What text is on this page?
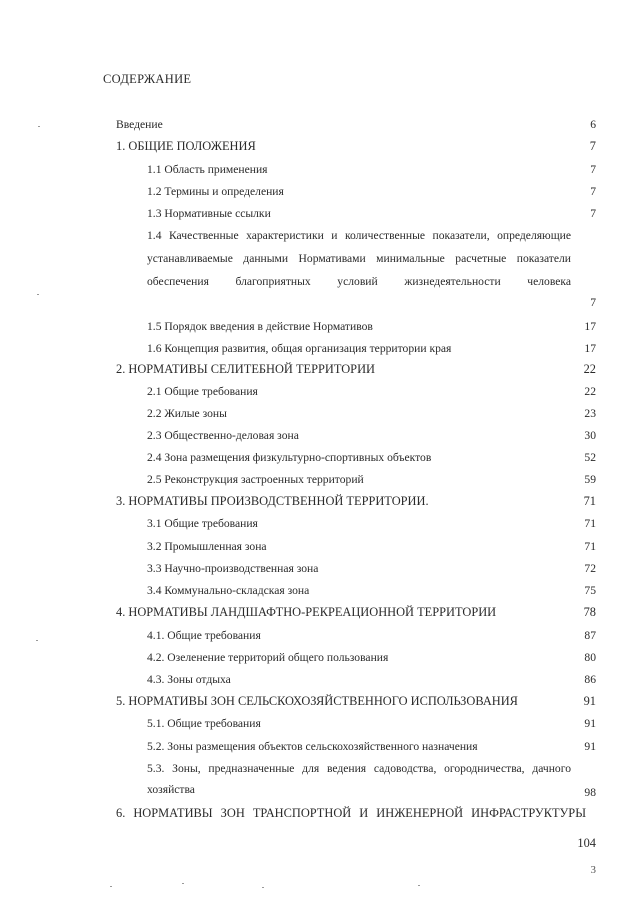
СОДЕРЖАНИЕ
Введение	6
1. ОБЩИЕ ПОЛОЖЕНИЯ	7
1.1 Область применения	7
1.2 Термины и определения	7
1.3 Нормативные ссылки	7
1.4 Качественные характеристики и количественные показатели, определяющие устанавливаемые данными Нормативами минимальные расчетные показатели обеспечения благоприятных условий жизнедеятельности человека
7
1.5 Порядок введения в действие Нормативов	17
1.6 Концепция развития, общая организация территории края	17
2. НОРМАТИВЫ СЕЛИТЕБНОЙ ТЕРРИТОРИИ	22
2.1 Общие требования	22
2.2 Жилые зоны	23
2.3 Общественно-деловая зона	30
2.4 Зона размещения физкультурно-спортивных объектов	52
2.5 Реконструкция застроенных территорий	59
3. НОРМАТИВЫ ПРОИЗВОДСТВЕННОЙ ТЕРРИТОРИИ.	71
3.1 Общие требования	71
3.2 Промышленная зона	71
3.3 Научно-производственная зона	72
3.4 Коммунально-складская зона	75
4. НОРМАТИВЫ ЛАНДШАФТНО-РЕКРЕАЦИОННОЙ ТЕРРИТОРИИ	78
4.1. Общие требования	87
4.2. Озеленение территорий общего пользования	80
4.3. Зоны отдыха	86
5. НОРМАТИВЫ ЗОН СЕЛЬСКОХОЗЯЙСТВЕННОГО ИСПОЛЬЗОВАНИЯ	91
5.1. Общие требования	91
5.2. Зоны размещения объектов сельскохозяйственного назначения	91
5.3. Зоны, предназначенные для ведения садоводства, огородничества, дачного хозяйства	98
6. НОРМАТИВЫ ЗОН ТРАНСПОРТНОЙ И ИНЖЕНЕРНОЙ ИНФРАСТРУКТУРЫ
104
3
